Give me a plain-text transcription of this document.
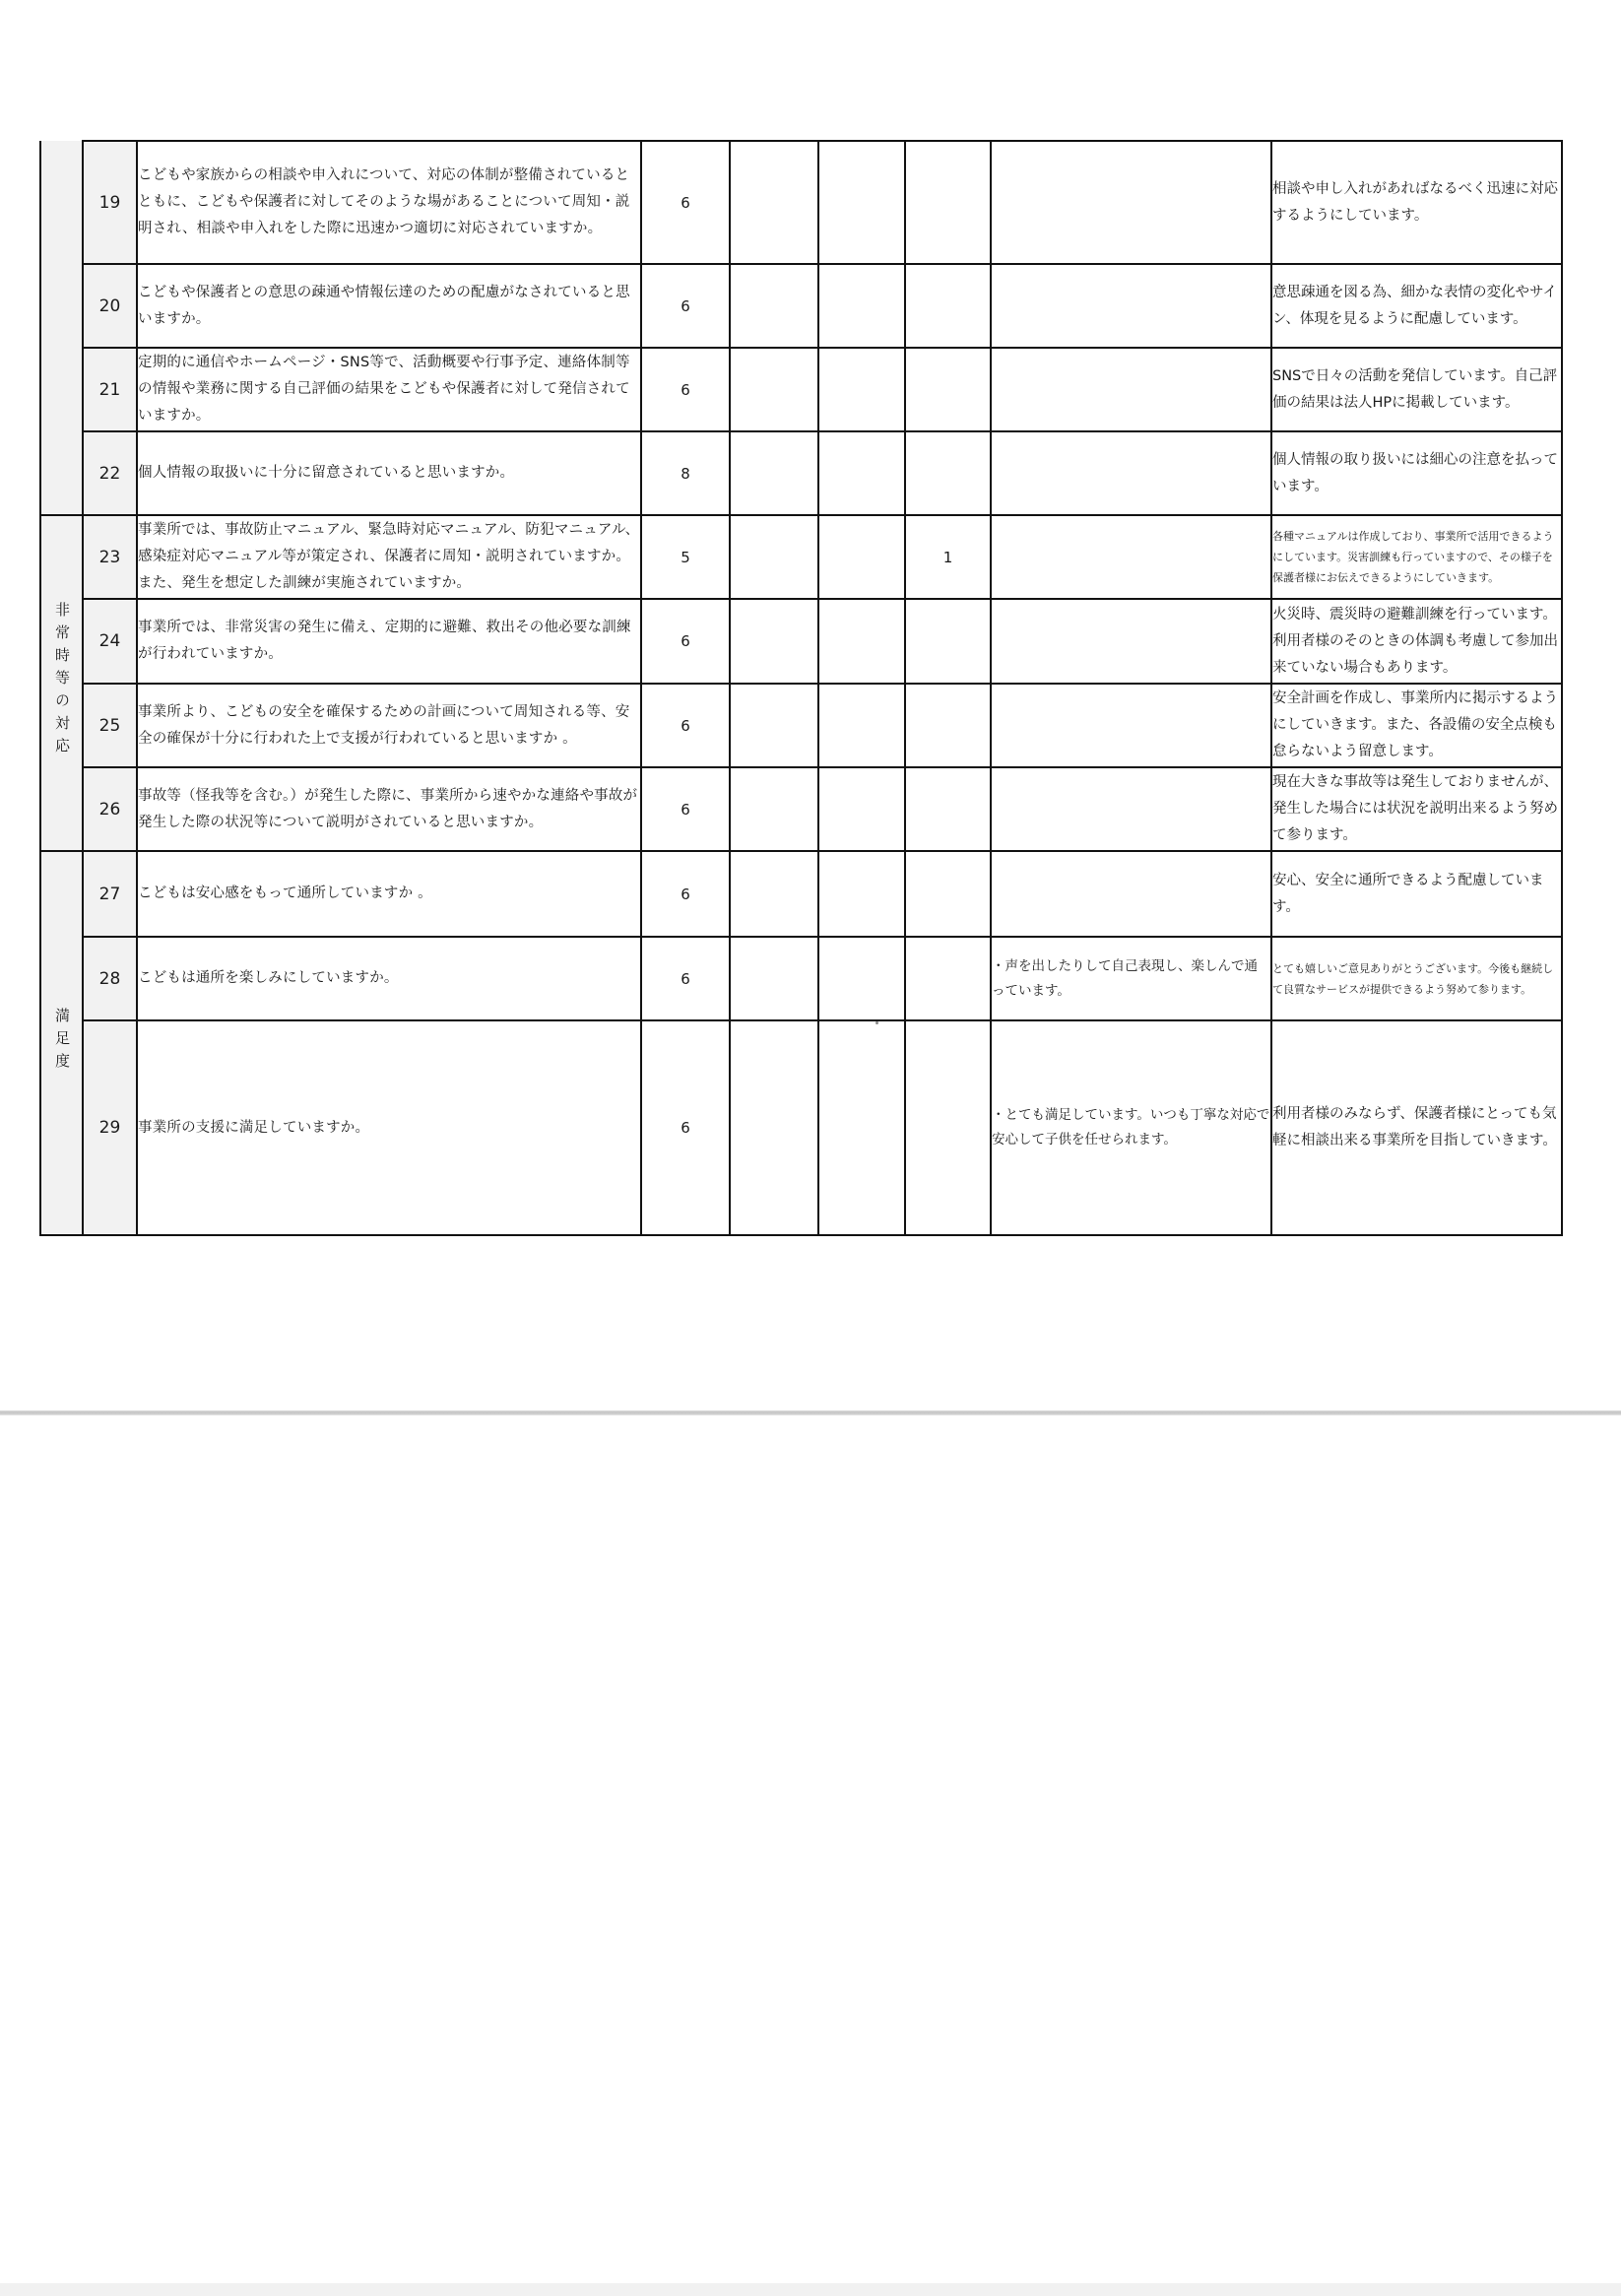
	19	こどもや家族からの相談や申入れについて、対応の体制が整備されているとともに、こどもや保護者に対してそのような場があることについて周知・説明され、相談や申入れをした際に迅速かつ適切に対応されていますか。	6					相談や申し入れがあればなるべく迅速に対応するようにしています。
	20	こどもや保護者との意思の疎通や情報伝達のための配慮がなされていると思いますか。	6					意思疎通を図る為、細かな表情の変化やサイン、体現を見るように配慮しています。
	21	定期的に通信やホームページ・SNS等で、活動概要や行事予定、連絡体制等の情報や業務に関する自己評価の結果をこどもや保護者に対して発信されていますか。	6					SNSで日々の活動を発信しています。自己評価の結果は法人HPに掲載しています。
	22	個人情報の取扱いに十分に留意されていると思いますか。	8					個人情報の取り扱いには細心の注意を払っています。
非常時等の対応	23	事業所では、事故防止マニュアル、緊急時対応マニュアル、防犯マニュアル、感染症対応マニュアル等が策定され、保護者に周知・説明されていますか。また、発生を想定した訓練が実施されていますか。	5			1		各種マニュアルは作成しており、事業所で活用できるようにしています。災害訓練も行っていますので、その様子を保護者様にお伝えできるようにしていきます。
	24	事業所では、非常災害の発生に備え、定期的に避難、救出その他必要な訓練が行われていますか。	6					火災時、震災時の避難訓練を行っています。利用者様のそのときの体調も考慮して参加出来ていない場合もあります。
	25	事業所より、こどもの安全を確保するための計画について周知される等、安全の確保が十分に行われた上で支援が行われていると思いますか 。	6					安全計画を作成し、事業所内に掲示するようにしていきます。また、各設備の安全点検も怠らないよう留意します。
	26	事故等（怪我等を含む。）が発生した際に、事業所から速やかな連絡や事故が発生した際の状況等について説明がされていると思いますか。	6					現在大きな事故等は発生しておりませんが、発生した場合には状況を説明出来るよう努めて参ります。
満足度	27	こどもは安心感をもって通所していますか 。	6					安心、安全に通所できるよう配慮しています。
	28	こどもは通所を楽しみにしていますか。	6				・声を出したりして自己表現し、楽しんで通っています。	とても嬉しいご意見ありがとうございます。今後も継続して良質なサービスが提供できるよう努めて参ります。
	29	事業所の支援に満足していますか。	6				・とても満足しています。いつも丁寧な対応で安心して子供を任せられます。	利用者様のみならず、保護者様にとっても気軽に相談出来る事業所を目指していきます。
